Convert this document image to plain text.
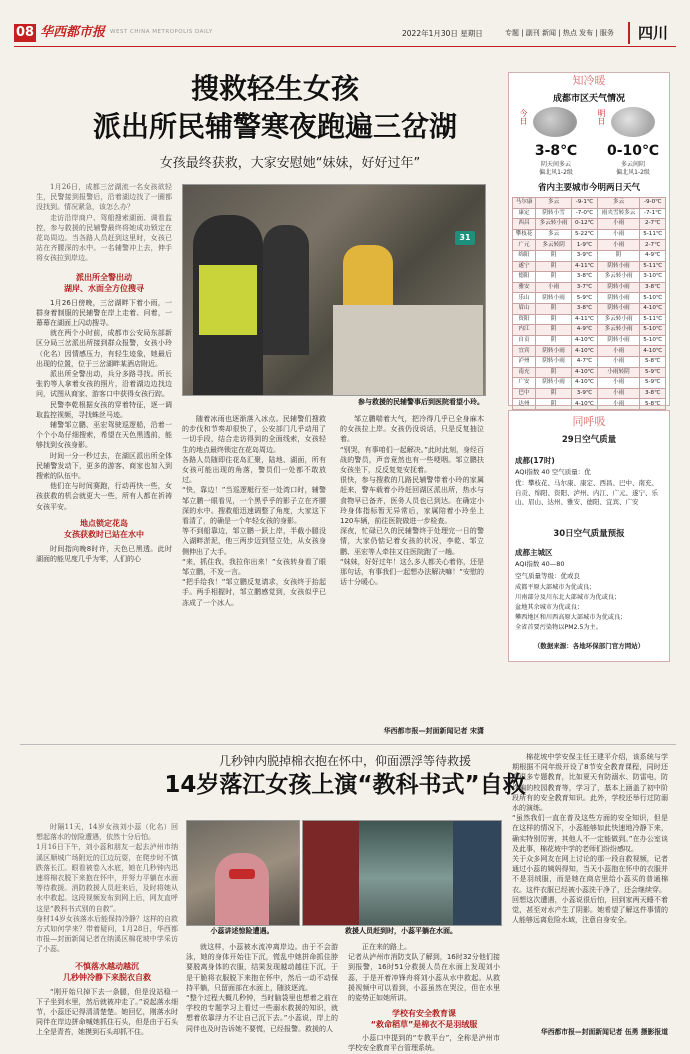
08 华西都市报 WEST CHINA METROPOLIS DAILY	2022年1月30日 星期日	专题 | 副刊 新闻 | 热点 发布 | 服务	四川
搜救轻生女孩
派出所民辅警寒夜跑遍三岔湖
女孩最终获救，大家安慰她“妹妹，好好过年”

1月26日，成都三岔湖流一名女孩欲轻生，民警接到报警后，沿着湖边找了一圈都没找到。情况紧急，该怎么办？

走访沿岸商户、驾船搜索湖面、调看监控，参与救援的民辅警最终将她成功锁定在花岛周边。当各路人员赶到这里时，女孩已站在齐腰深的水中。一名辅警冲上去，伸手将女孩拉到岸边。

派出所全警出动
湖岸、水面全方位搜寻

1月26日傍晚，三岔湖畔下着小雨，一群身着制服的民辅警在岸上走着、问着，一幕幕在湖面上闪动搜寻。

就在两个小时前，成都市公安局东部新区分局三岔派出所接到群众报警，女孩小玲（化名）因情感压力，有轻生迹象，她最后出现的位置，位于三岔湖畔某酒店附近。

派出所全警出动，兵分多路寻找。所长张豹等人拿着女孩的照片，沿着湖边边找边问，试图从商家、游客口中获得女孩行踪。

民警李乾根据女孩的穿着特征，逐一调取监控视频，寻找蛛丝马迹。

辅警邹立鹏、巫宏驾驶巡逻船，沿着一个个小岛仔细搜索，希望在天色黑透前，能够找到女孩身影。

时间一分一秒过去，在湖区派出所全体民辅警发动下，更多的游客、商家也加入到搜索的队伍中。

他们在与时间赛跑，行动再快一些，女孩获救的机会就更大一些，所有人都在祈祷女孩平安。

地点锁定花岛
女孩获救时已站在水中

时间指向晚8时许，天色已黑透。此时湖面的能见度几乎为零，人们的心

31
参与救援的民辅警事后到医院看望小玲。

随着冰雨也逐渐落入冰点。民辅警们搜救的步伐和节奏却很快了，公安部门几乎动用了一切手段，结合走访得到的全面线索，女孩轻生的地点最终锁定在花岛周边。
各路人员随即往花岛汇聚，陆地、湖面，所有女孩可能出现的角落，警员们一处都不敢放过。
“快，靠边！”当巡逻艇行至一处湾口时，辅警邹立鹏一眼看见，一个黑乎乎的影子立在齐腰深的水中。搜救船迅速调整了角度，大家这下看清了，的确是一个年轻女孩的身影。
等不到船靠边，邹立鹏一跃上岸，半截小腿没入湖畔淤泥，他三两步迈到竖立处，从女孩身侧伸出了大手。
“来，抓住我，我拉你出来！”女孩转身看了眼邹立鹏，不发一言。
“把手给我！”邹立鹏反复请求，女孩终于抬起手。两手相握时，邹立鹏感觉到，女孩似乎已冻成了一个冰人。

邹立鹏喘着大气，把冷得几乎已全身麻木的女孩拉上岸。女孩仍没说话，只是反复抽泣着。
“别哭，有事咱们一起解决。”此时此刻，身经百战的警员，声音竟然也有一些哽咽。邹立鹏扶女孩坐下，反反复复安抚着。
很快，参与搜救的几路民辅警带着小玲的家属赶来，警车载着小玲赶回湖区派出所，热水与食物早已备齐，医务人员也已到达。在确定小玲身体指标暂无异常后，家属陪着小玲坐上120车辆，前往医院做进一步检查。
深夜，忙碌已久的民辅警终于处理完一日的警情，大家仍惦记着女孩的状况，李乾、邹立鹏、巫宏等人牵挂又往医院跑了一趟。
“妹妹，好好过年！这么多人都关心着你，还是那句话，有事我们一起想办法解决嘛！”安慰的话十分暖心。

华西都市报—封面新闻记者 宋潇
知冷暖
成都市区天气情况
今日
3-8℃
阴天间多云
偏北风1-2级
明日
0-10℃
多云间阴
偏北风1-2级
省内主要城市今明两日天气
马尔康	多云	-9-1℃	多云	-9-0℃
康定	阴转小雪	-7-0℃	雨夹雪转多云	-7-1℃
西昌	多云转小雨	0-12℃	小雨	2-7℃
攀枝花	多云	5-22℃	小雨	5-11℃
广元	多云转阴	1-9℃	小雨	2-7℃
绵阳	阴	3-9℃	阴	4-9℃
遂宁	阴	4-11℃	阴转小雨	5-11℃
德阳	阴	3-8℃	多云转小雨	3-10℃
雅安	小雨	3-7℃	阴转小雨	3-8℃
乐山	阴转小雨	5-9℃	阴转小雨	5-10℃
眉山	阴	3-8℃	阴转小雨	4-10℃
资阳	阴	4-11℃	多云转小雨	5-11℃
内江	阴	4-9℃	多云转小雨	5-10℃
自贡	阴	4-10℃	阴转小雨	5-10℃
宜宾	阴转小雨	4-10℃	小雨	4-10℃
泸州	阴转小雨	4-7℃	小雨	5-8℃
南充	阴	4-10℃	小雨转阴	5-9℃
广安	阴转小雨	4-10℃	小雨	5-9℃
巴中	阴	3-9℃	小雨	3-8℃
达州	阴	4-10℃	小雨	5-8℃
同呼吸
29日空气质量
成都(17时)
AQI指数 40 空气质量：优
优：攀枝花、马尔康、康定、西昌、巴中、南充、自贡、绵阳、资阳、泸州、内江、广元、遂宁、乐山、眉山、达州、雅安、德阳、宜宾、广安
30日空气质量预报
成都主城区
AQI指数 40—80
空气质量等级：优或良
成都平原大部城市为优或良；
川南部分及川东北大部城市为优或良；
盆地其余城市为优或良；
攀西地区和川西高原大部城市为优或良；
全省首要污染物以PM2.5为主。
（数据来源：各地环保部门官方网站）
几秒钟内脱掉棉衣抱在怀中，仰面漂浮等待救援
14岁落江女孩上演“教科书式”自救

时隔11天，14岁女孩刘小蕊（化名）回想起落水的惊险遭遇，依然十分后怕。
1月16日下午，刘小蕊和朋友一起去泸州市纳溪区顺城广场附近的江边玩耍，在爬步时不慎跌落长江。眼看被卷入水底，她在几秒钟内迅速将棉衣脱下来抱在怀中，并努力平躺在水面等待救援。消防救援人员赶来后，及时将她从水中救起。这段视频发布到网上后，网友直呼这是“教科书式别的自救”。
身材14岁女孩落水后能保持冷静？这样的自救方式如何学来？带着疑问，1月28日，华西都市报—封面新闻记者在纳溪区棉花坡中学采访了小蕊。

不慎落水越动越沉
几秒钟冷静下来脱衣自救

“刚开始只掉下去一条腿，但是没站稳一下子坐到水里，然后就被冲走了。”说起落水细节，小蕊还记得清清楚楚。她回忆，刚落水时同伴在岸边拼命喊她抓住石头，但是由于石头上全是青苔，她摸到石头却抓不住。

小蕊讲述惊险遭遇。	救援人员赶到时，小蕊平躺在水面。

就这样，小蕊被水流冲离岸边。由于不会游泳，她的身体开始往下沉，慌乱中她拼命抓住脖要脱离身体的衣服，结果发现越动越往下沉，于是干脆将衣服脱下来抱在怀中，然后一动不动保持平躺，只留面部在水面上，随波逐流。
“整个过程大概几秒钟，当时脑袋里也想着之前在学校的专题学习上看过一些溺水救援的知识，就想着依靠浮力不让自己沉下去。”小蕊说，岸上的同伴也及时告诉她不要慌，已经报警。救援的人

正在来的路上。
记者从泸州市消防支队了解到，16时32分他们接到报警，16时51分救援人员在水面上发现刘小蕊，于是开着冲锋舟将刘小蕊从水中救起。从救援视频中可以看到，小蕊虽然在哭泣，但在水里的姿势正如她所讲。

学校有安全教育课
“救命稻草”是棉衣不是羽绒服

小蕊口中提到的“专教平台”，全称是泸州市学校安全教育平台管理系统。

棉花坡中学安保主任王建平介绍，该系统与学期根据不同年级开设了8节安全教育课程，同时还有很多专题教育，比如夏天有防溺水、防雷电，防诈骗的校园教育等，学习了，基本上涵盖了初中阶段所有的安全教育知识。此外，学校还举行过防溺水的演练。
“虽然我们一直在普及这些方面的安全知识，但是在这样的情况下，小蕊能够如此快速地冷静下来，确实特别厉害，其他人不一定能做到。”在办公室谈及此事，棉花坡中学的老师们纷纷感叹。
关于众多网友在网上讨论的那一段自救视频，记者通过小蕊的姨妈得知，当天小蕊抱在怀中的衣服并不是羽绒服，而是她在商店里给小蕊买的普通棉衣。这件衣服已经被小蕊洗干净了，还会继续穿。
回想这次遭遇，小蕊说很后怕，回到家两天睡不着觉，甚至对水产生了阴影。她希望了解这件事情的人能够远离危险水域，注意自身安全。

华西都市报—封面新闻记者 伍勇 摄影报道
